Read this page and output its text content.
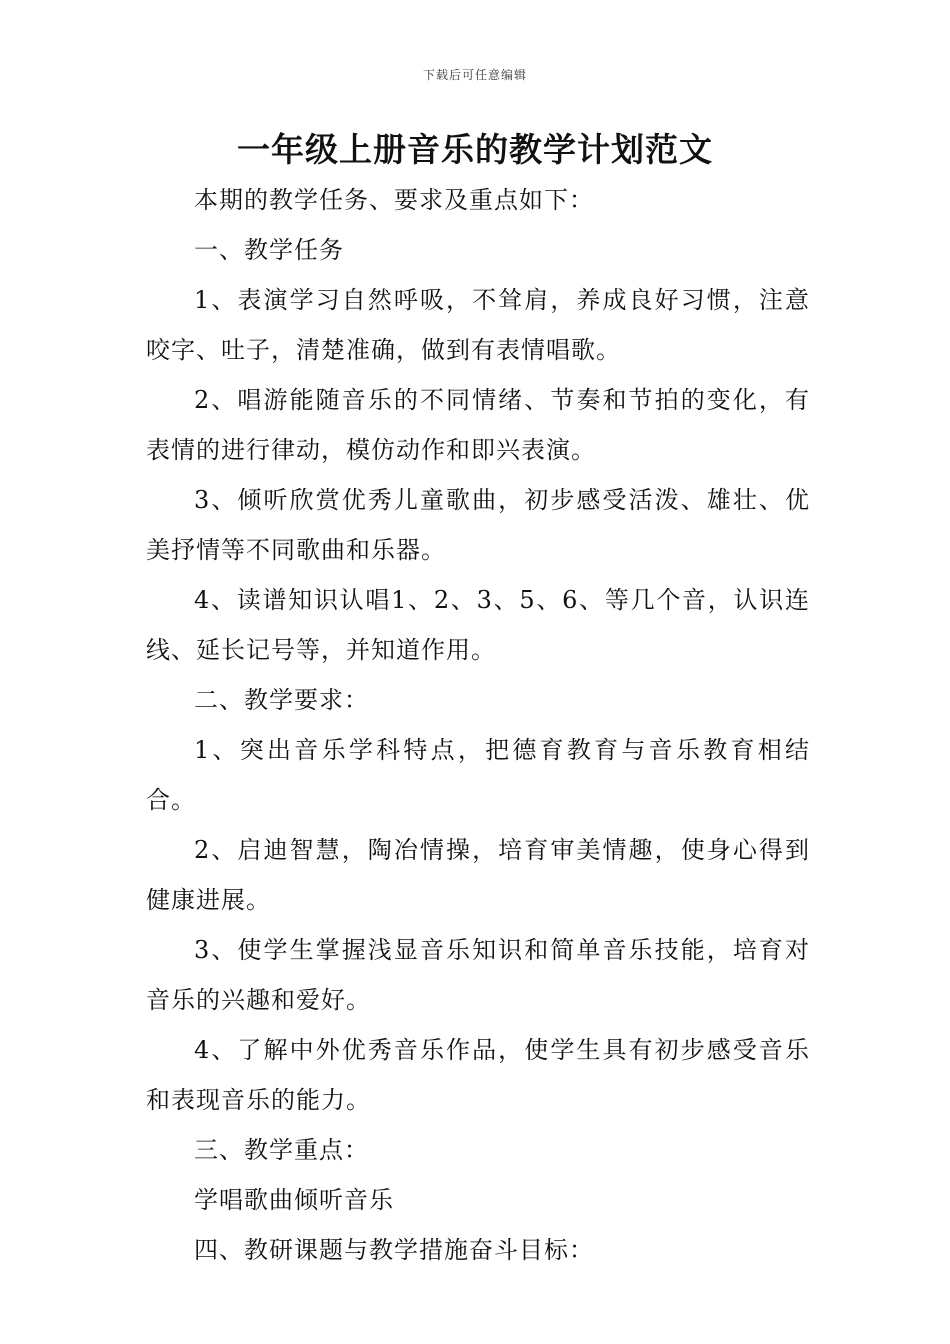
下载后可任意编辑
一年级上册音乐的教学计划范文

本期的教学任务、要求及重点如下：

一、教学任务

1、表演学习自然呼吸，不耸肩，养成良好习惯，注意咬字、吐子，清楚准确，做到有表情唱歌。

2、唱游能随音乐的不同情绪、节奏和节拍的变化，有表情的进行律动，模仿动作和即兴表演。

3、倾听欣赏优秀儿童歌曲，初步感受活泼、雄壮、优美抒情等不同歌曲和乐器。

4、读谱知识认唱1、2、3、5、6、等几个音，认识连线、延长记号等，并知道作用。

二、教学要求：

1、突出音乐学科特点，把德育教育与音乐教育相结合。

2、启迪智慧，陶冶情操，培育审美情趣，使身心得到健康进展。

3、使学生掌握浅显音乐知识和简单音乐技能，培育对音乐的兴趣和爱好。

4、了解中外优秀音乐作品，使学生具有初步感受音乐和表现音乐的能力。

三、教学重点：

学唱歌曲倾听音乐

四、教研课题与教学措施奋斗目标：
